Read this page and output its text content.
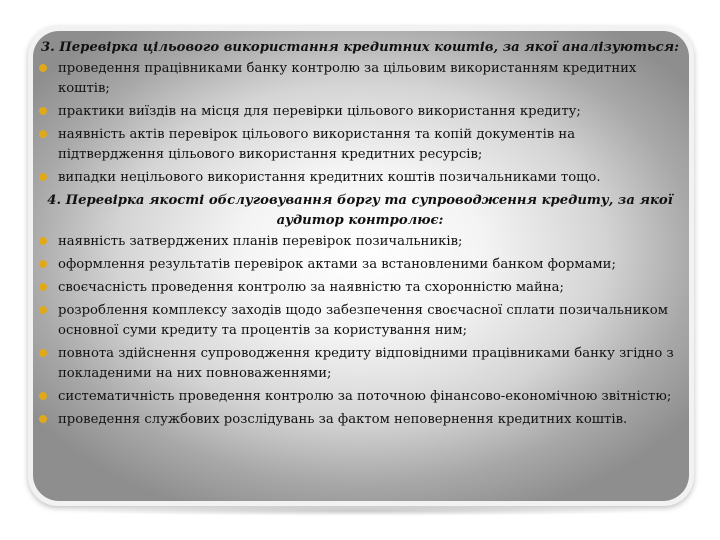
3. Перевірка цільового використання кредитних коштів, за якої аналізуються:
проведення працівниками банку контролю за цільовим використанням кредитних коштів;
практики виїздів на місця для перевірки цільового використання кредиту;
наявність актів перевірок цільового використання та копій документів на підтвердження цільового використання кредитних ресурсів;
випадки нецільового використання кредитних коштів позичальниками тощо.
4. Перевірка якості обслуговування боргу та супроводження кредиту, за якої аудитор контролює:
наявність затверджених планів перевірок позичальників;
оформлення результатів перевірок актами за встановленими банком формами;
своєчасність проведення контролю за наявністю та схоронністю майна;
розроблення комплексу заходів щодо забезпечення своєчасної сплати позичальником основної суми кредиту та процентів за користування ним;
повнота здійснення супроводження кредиту відповідними працівниками банку згідно з покладеними на них повноваженнями;
систематичність проведення контролю за поточною фінансово-економічною звітністю;
проведення службових розслідувань за фактом неповернення кредитних коштів.
